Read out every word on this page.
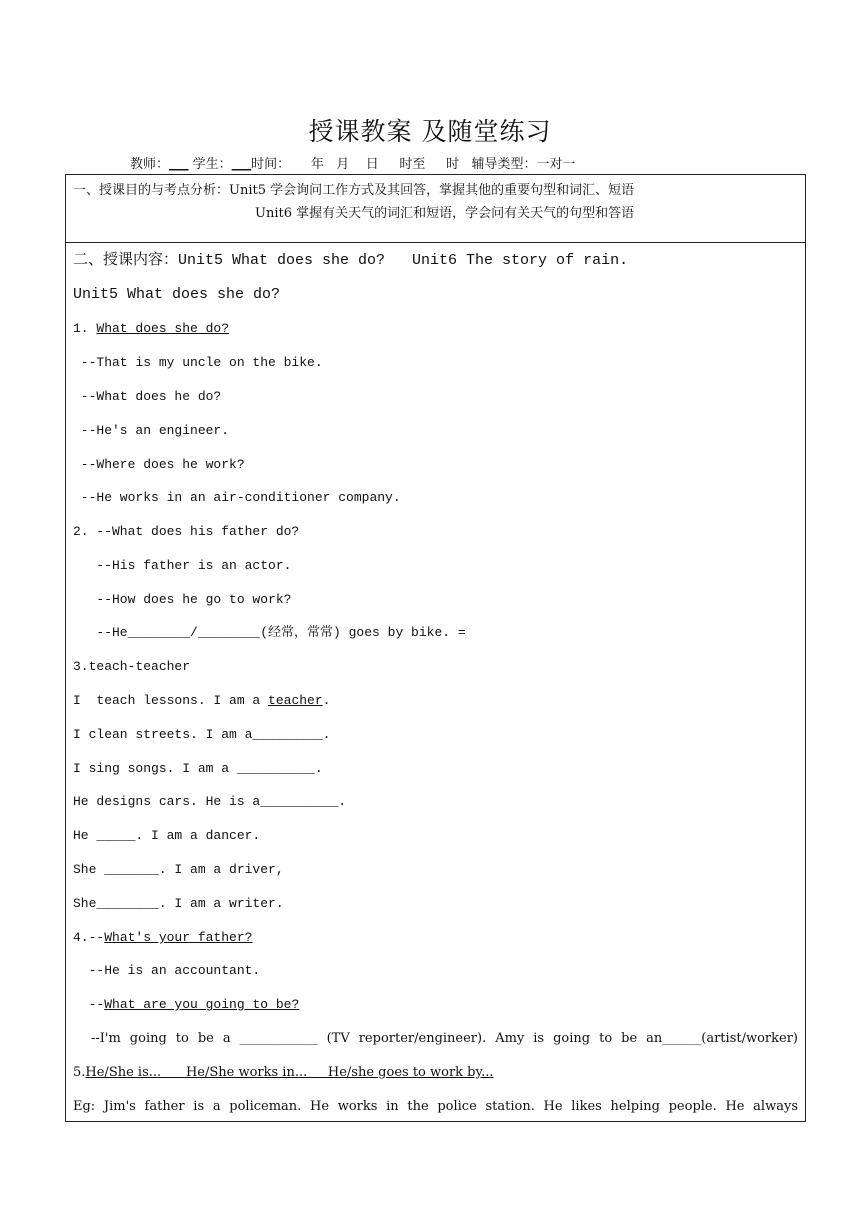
授课教案 及随堂练习
教师：___ 学生：___时间：     年   月    日     时至     时   辅导类型：一对一
一、授课目的与考点分析：Unit5 学会询问工作方式及其回答，掌握其他的重要句型和词汇、短语
Unit6 掌握有关天气的词汇和短语，学会问有关天气的句型和答语
二、授课内容：Unit5 What does she do?   Unit6 The story of rain.
Unit5 What does she do?
1. What does she do?
--That is my uncle on the bike.
--What does he do?
--He's an engineer.
--Where does he work?
--He works in an air-conditioner company.
2. --What does his father do?
--His father is an actor.
--How does he go to work?
--He________/________(经常，常常) goes by bike. =
3.teach-teacher
I  teach lessons. I am a teacher.
I clean streets. I am a_________.
I sing songs. I am a __________.
He designs cars. He is a__________.
He _____. I am a dancer.
She _______. I am a driver,
She________. I am a writer.
4.--What's your father?
--He is an accountant.
--What are you going to be?
--I'm going to be a ____________ (TV reporter/engineer). Amy is going to be an______(artist/worker)
5.He/She is...      He/She works in...     He/she goes to work by...
Eg: Jim's father is a policeman. He works in the police station. He likes helping people. He always
